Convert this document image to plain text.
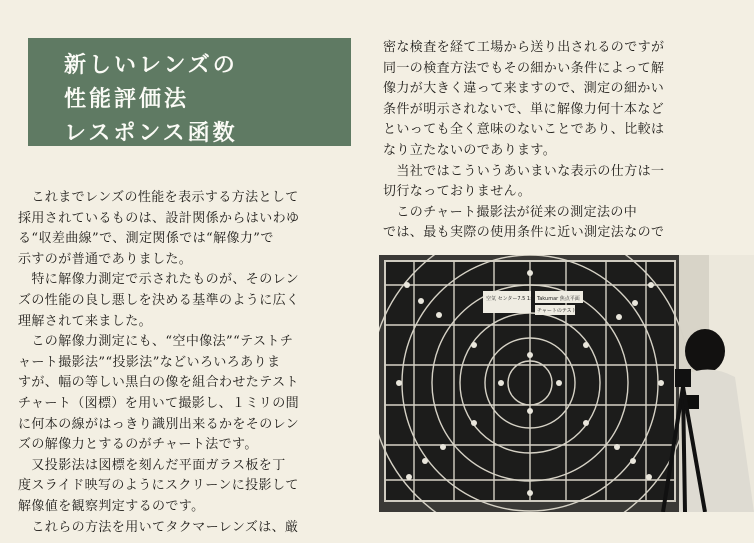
新しいレンズの
性能評価法
レスポンス函数

　これまでレンズの性能を表示する方法として

採用されているものは、設計関係からはいわゆ

る“収差曲線”で、測定関係では“解像力”で

示すのが普通でありました。

　特に解像力測定で示されたものが、そのレン

ズの性能の良し悪しを決める基準のように広く

理解されて来ました。

　この解像力測定にも、“空中像法”“テストチ

ャート撮影法”“投影法”などいろいろありま

すが、幅の等しい黒白の像を組合わせたテスト

チャート（図標）を用いて撮影し、１ミリの間

に何本の線がはっきり識別出来るかをそのレン

ズの解像力とするのがチャート法です。

　又投影法は図標を刻んだ平面ガラス板を丁

度スライド映写のようにスクリーンに投影して

解像値を観察判定するのです。

　これらの方法を用いてタクマーレンズは、厳

密な検査を経て工場から送り出されるのですが

同一の検査方法でもその細かい条件によって解

像力が大きく違って来ますので、測定の細かい

条件が明示されないで、単に解像力何十本など

といっても全く意味のないことであり、比較は

なり立たないのであります。

　当社ではこういうあいまいな表示の仕方は一

切行なっておりません。

　このチャート撮影法が従来の測定法の中

では、最も実際の使用条件に近い測定法なので

空気 センター7.5 1:2 Takumar 焦点平面
チャートのテスト
